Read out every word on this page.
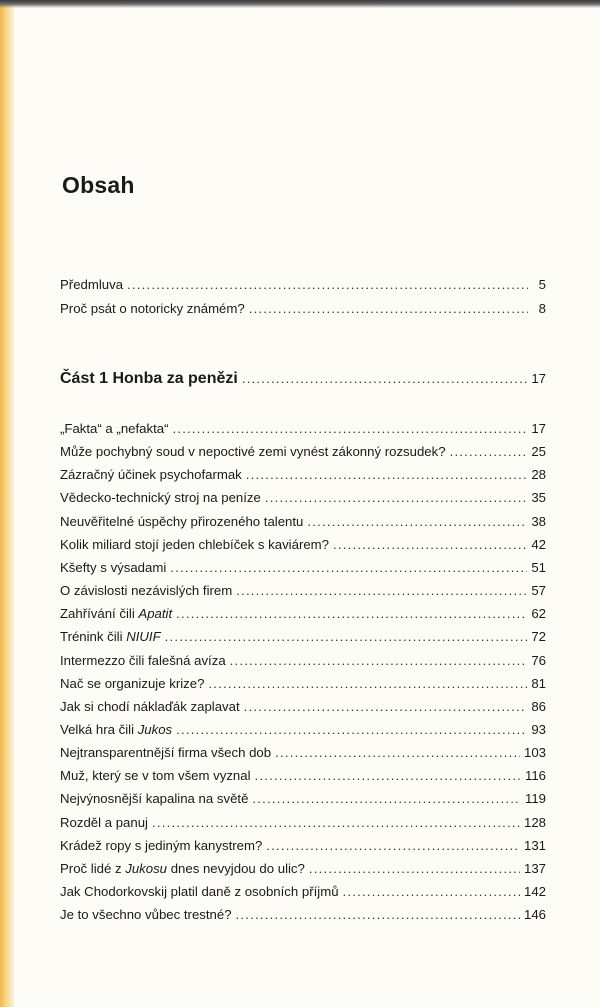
Obsah
Předmluva .....	5
Proč psát o notoricky známém? .....	8
Část 1 Honba za penězi .....	17
„Fakta“ a „nefakta“ .....	17
Může pochybný soud v nepoctivé zemi vynést zákonný rozsudek? .....	25
Zázračný účinek psychofarmak .....	28
Vědecko-technický stroj na peníze .....	35
Neuvěřitelné úspěchy přirozeného talentu .....	38
Kolik miliard stojí jeden chlebíček s kaviárem? .....	42
Kšefty s výsadami .....	51
O závislosti nezávislých firem .....	57
Zahřívání čili Apatit .....	62
Trénink čili NIUIF .....	72
Intermezzo čili falešná avíza .....	76
Nač se organizuje krize? .....	81
Jak si chodí náklaďák zaplavat .....	86
Velká hra čili Jukos .....	93
Nejtransparentnější firma všech dob .....	103
Muž, který se v tom všem vyznal .....	116
Nejvýnosnější kapalina na světě .....	119
Rozděl a panuj .....	128
Krádež ropy s jediným kanystrem? .....	131
Proč lidé z Jukosu dnes nevyjdou do ulic? .....	137
Jak Chodorkovskij platil daně z osobních příjmů .....	142
Je to všechno vůbec trestné? .....	146
